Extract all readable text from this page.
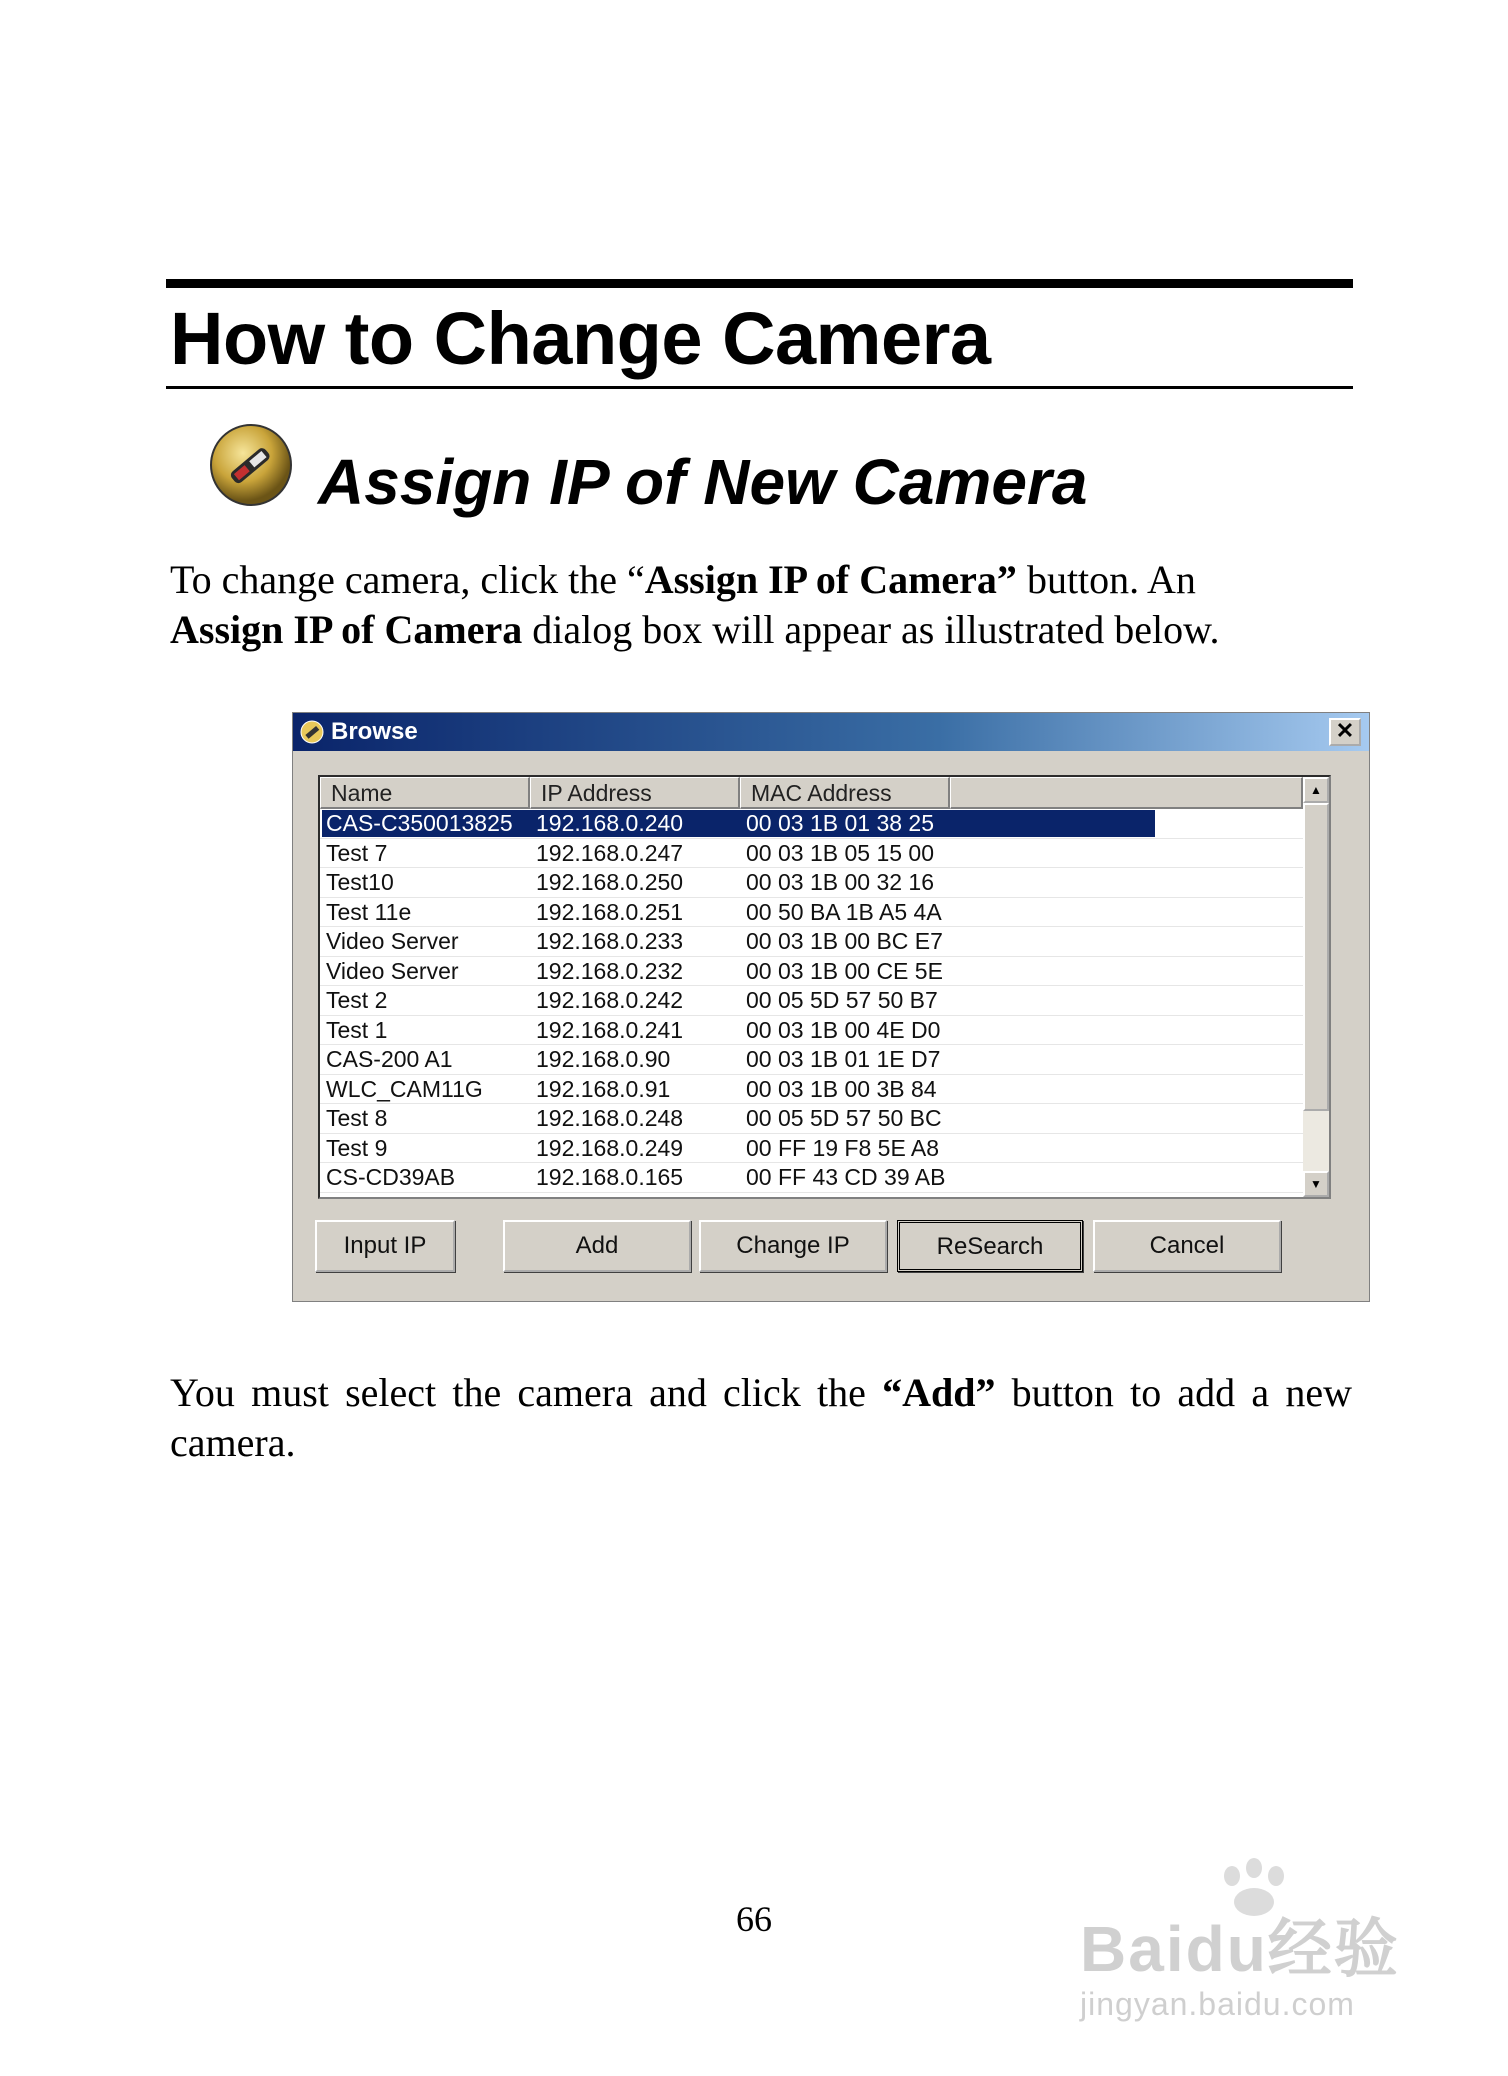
How to Change Camera
Assign IP of New Camera
To change camera, click the “Assign IP of Camera” button. An
Assign IP of Camera dialog box will appear as illustrated below.
Browse	✕
Name	IP Address	MAC Address
CAS-C350013825 192.168.0.240	00 03 1B 01 38 25
Test 7	192.168.0.247	00 03 1B 05 15 00
Test10	192.168.0.250	00 03 1B 00 32 16
Test 11e	192.168.0.251	00 50 BA 1B A5 4A
Video Server	192.168.0.233	00 03 1B 00 BC E7
Video Server	192.168.0.232	00 03 1B 00 CE 5E
Test 2	192.168.0.242	00 05 5D 57 50 B7
Test 1	192.168.0.241	00 03 1B 00 4E D0
CAS-200 A1	192.168.0.90	00 03 1B 01 1E D7
WLC_CAM11G 192.168.0.91	00 03 1B 00 3B 84
Test 8	192.168.0.248	00 05 5D 57 50 BC
Test 9	192.168.0.249	00 FF 19 F8 5E A8
CS-CD39AB	192.168.0.165	00 FF 43 CD 39 AB
▲
▼
Input IP	Add	Change IP	ReSearch	Cancel
You must select the camera and click the “Add” button to add a new camera.
66	Baidu经验
jingyan.baidu.com
